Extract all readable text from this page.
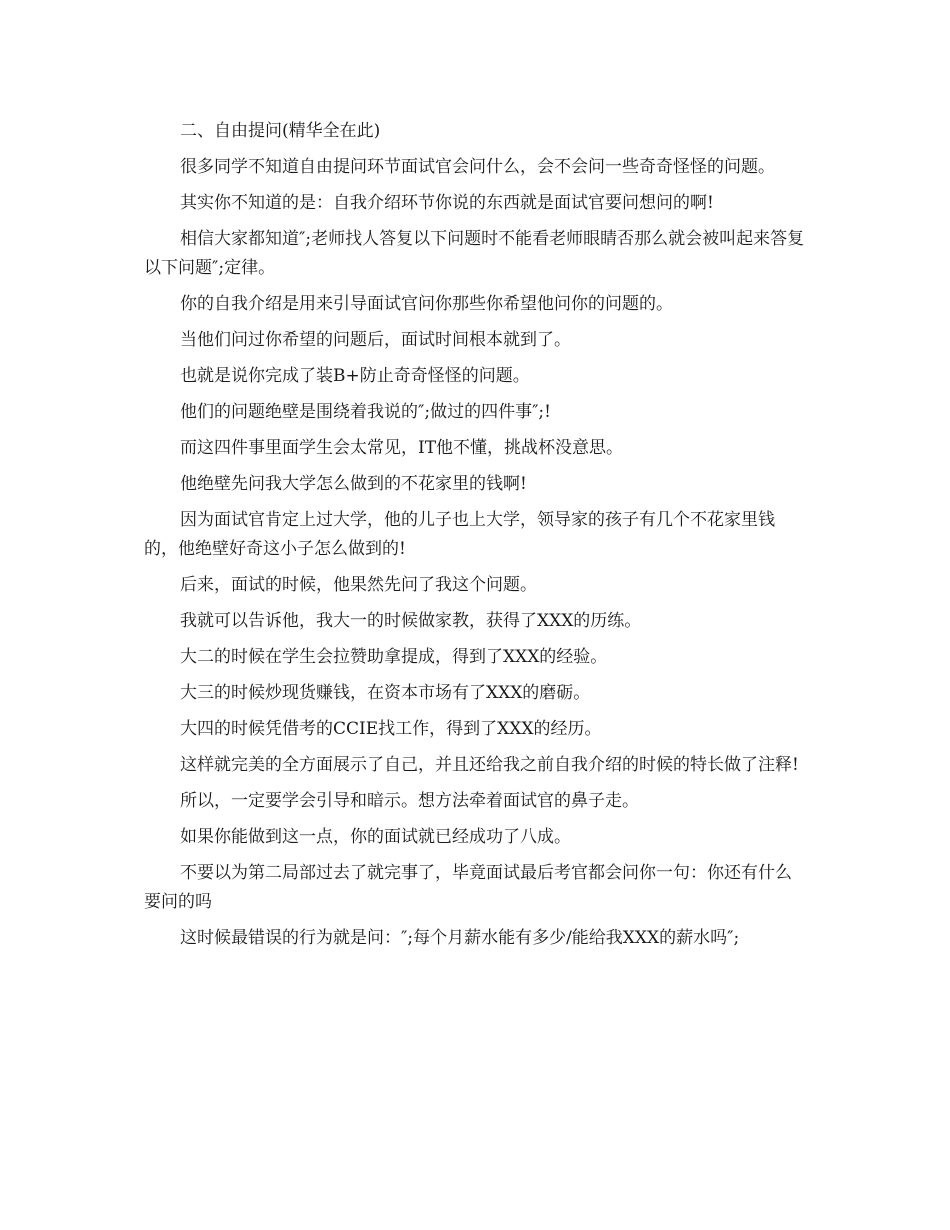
二、自由提问(精华全在此)

很多同学不知道自由提问环节面试官会问什么，会不会问一些奇奇怪怪的问题。

其实你不知道的是：自我介绍环节你说的东西就是面试官要问想问的啊!

相信大家都知道″;老师找人答复以下问题时不能看老师眼睛否那么就会被叫起来答复以下问题″;定律。

你的自我介绍是用来引导面试官问你那些你希望他问你的问题的。

当他们问过你希望的问题后，面试时间根本就到了。

也就是说你完成了装B+防止奇奇怪怪的问题。

他们的问题绝壁是围绕着我说的″;做过的四件事″;!

而这四件事里面学生会太常见，IT他不懂，挑战杯没意思。

他绝壁先问我大学怎么做到的不花家里的钱啊!

因为面试官肯定上过大学，他的儿子也上大学，领导家的孩子有几个不花家里钱的，他绝壁好奇这小子怎么做到的!

后来，面试的时候，他果然先问了我这个问题。

我就可以告诉他，我大一的时候做家教，获得了XXX的历练。

大二的时候在学生会拉赞助拿提成，得到了XXX的经验。

大三的时候炒现货赚钱，在资本市场有了XXX的磨砺。

大四的时候凭借考的CCIE找工作，得到了XXX的经历。

这样就完美的全方面展示了自己，并且还给我之前自我介绍的时候的特长做了注释!

所以，一定要学会引导和暗示。想方法牵着面试官的鼻子走。

如果你能做到这一点，你的面试就已经成功了八成。

不要以为第二局部过去了就完事了，毕竟面试最后考官都会问你一句：你还有什么要问的吗

这时候最错误的行为就是问：″;每个月薪水能有多少/能给我XXX的薪水吗″;
